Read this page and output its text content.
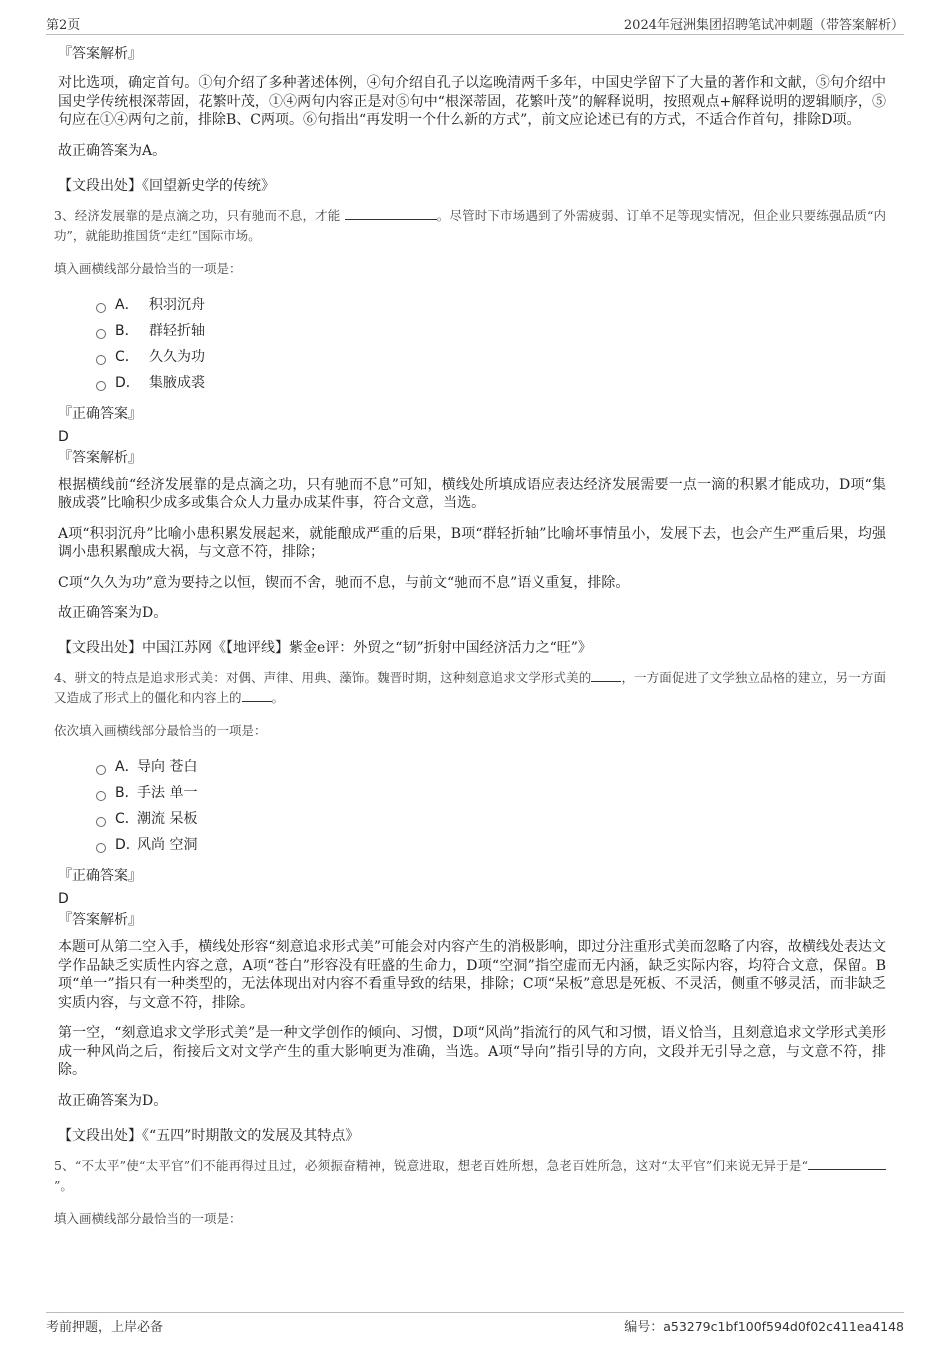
第2页	2024年冠洲集团招聘笔试冲刺题（带答案解析）
『答案解析』
对比选项，确定首句。①句介绍了多种著述体例，④句介绍自孔子以迄晚清两千多年，中国史学留下了大量的著作和文献，⑤句介绍中国史学传统根深蒂固，花繁叶茂，①④两句内容正是对⑤句中“根深蒂固，花繁叶茂”的解释说明，按照观点+解释说明的逻辑顺序，⑤句应在①④两句之前，排除B、C两项。⑥句指出“再发明一个什么新的方式”，前文应论述已有的方式，不适合作首句，排除D项。
故正确答案为A。
【文段出处】《回望新史学的传统》
3、经济发展靠的是点滴之功，只有驰而不息，才能	。尽管时下市场遇到了外需疲弱、订单不足等现实情况，但企业只要练强品质“内功”，就能助推国货“走红”国际市场。
填入画横线部分最恰当的一项是：
A． 积羽沉舟
B． 群轻折轴
C． 久久为功
D． 集腋成裘
『正确答案』
D
『答案解析』
根据横线前“经济发展靠的是点滴之功，只有驰而不息”可知，横线处所填成语应表达经济发展需要一点一滴的积累才能成功，D项“集腋成裘”比喻积少成多或集合众人力量办成某件事，符合文意，当选。
A项“积羽沉舟”比喻小患积累发展起来，就能酿成严重的后果，B项“群轻折轴”比喻坏事情虽小，发展下去，也会产生严重后果，均强调小患积累酿成大祸，与文意不符，排除；
C项“久久为功”意为要持之以恒，锲而不舍，驰而不息，与前文“驰而不息”语义重复，排除。
故正确答案为D。
【文段出处】中国江苏网《【地评线】紫金e评：外贸之“韧”折射中国经济活力之“旺”》
4、骈文的特点是追求形式美：对偶、声律、用典、藻饰。魏晋时期，这种刻意追求文学形式美的 ，一方面促进了文学独立品格的建立，另一方面又造成了形式上的僵化和内容上的 。
依次填入画横线部分最恰当的一项是：
A．
导向 苍白
B．
手法 单一
C．
潮流 呆板
D．
风尚 空洞
『正确答案』
D
『答案解析』
本题可从第二空入手，横线处形容“刻意追求形式美”可能会对内容产生的消极影响，即过分注重形式美而忽略了内容，故横线处表达文学作品缺乏实质性内容之意，A项“苍白”形容没有旺盛的生命力，D项“空洞”指空虚而无内涵，缺乏实际内容，均符合文意，保留。B项“单一”指只有一种类型的，无法体现出对内容不看重导致的结果，排除；C项“呆板”意思是死板、不灵活，侧重不够灵活，而非缺乏实质内容，与文意不符，排除。
第一空，“刻意追求文学形式美”是一种文学创作的倾向、习惯，D项“风尚”指流行的风气和习惯，语义恰当，且刻意追求文学形式美形成一种风尚之后，衔接后文对文学产生的重大影响更为准确，当选。A项“导向”指引导的方向，文段并无引导之意，与文意不符，排除。
故正确答案为D。
【文段出处】《“五四”时期散文的发展及其特点》
5、“不太平”使“太平官”们不能再得过且过，必须振奋精神，锐意进取，想老百姓所想，急老百姓所急，这对“太平官”们来说无异于是“”。
填入画横线部分最恰当的一项是：
考前押题，上岸必备	编号：a53279c1bf100f594d0f02c411ea4148
